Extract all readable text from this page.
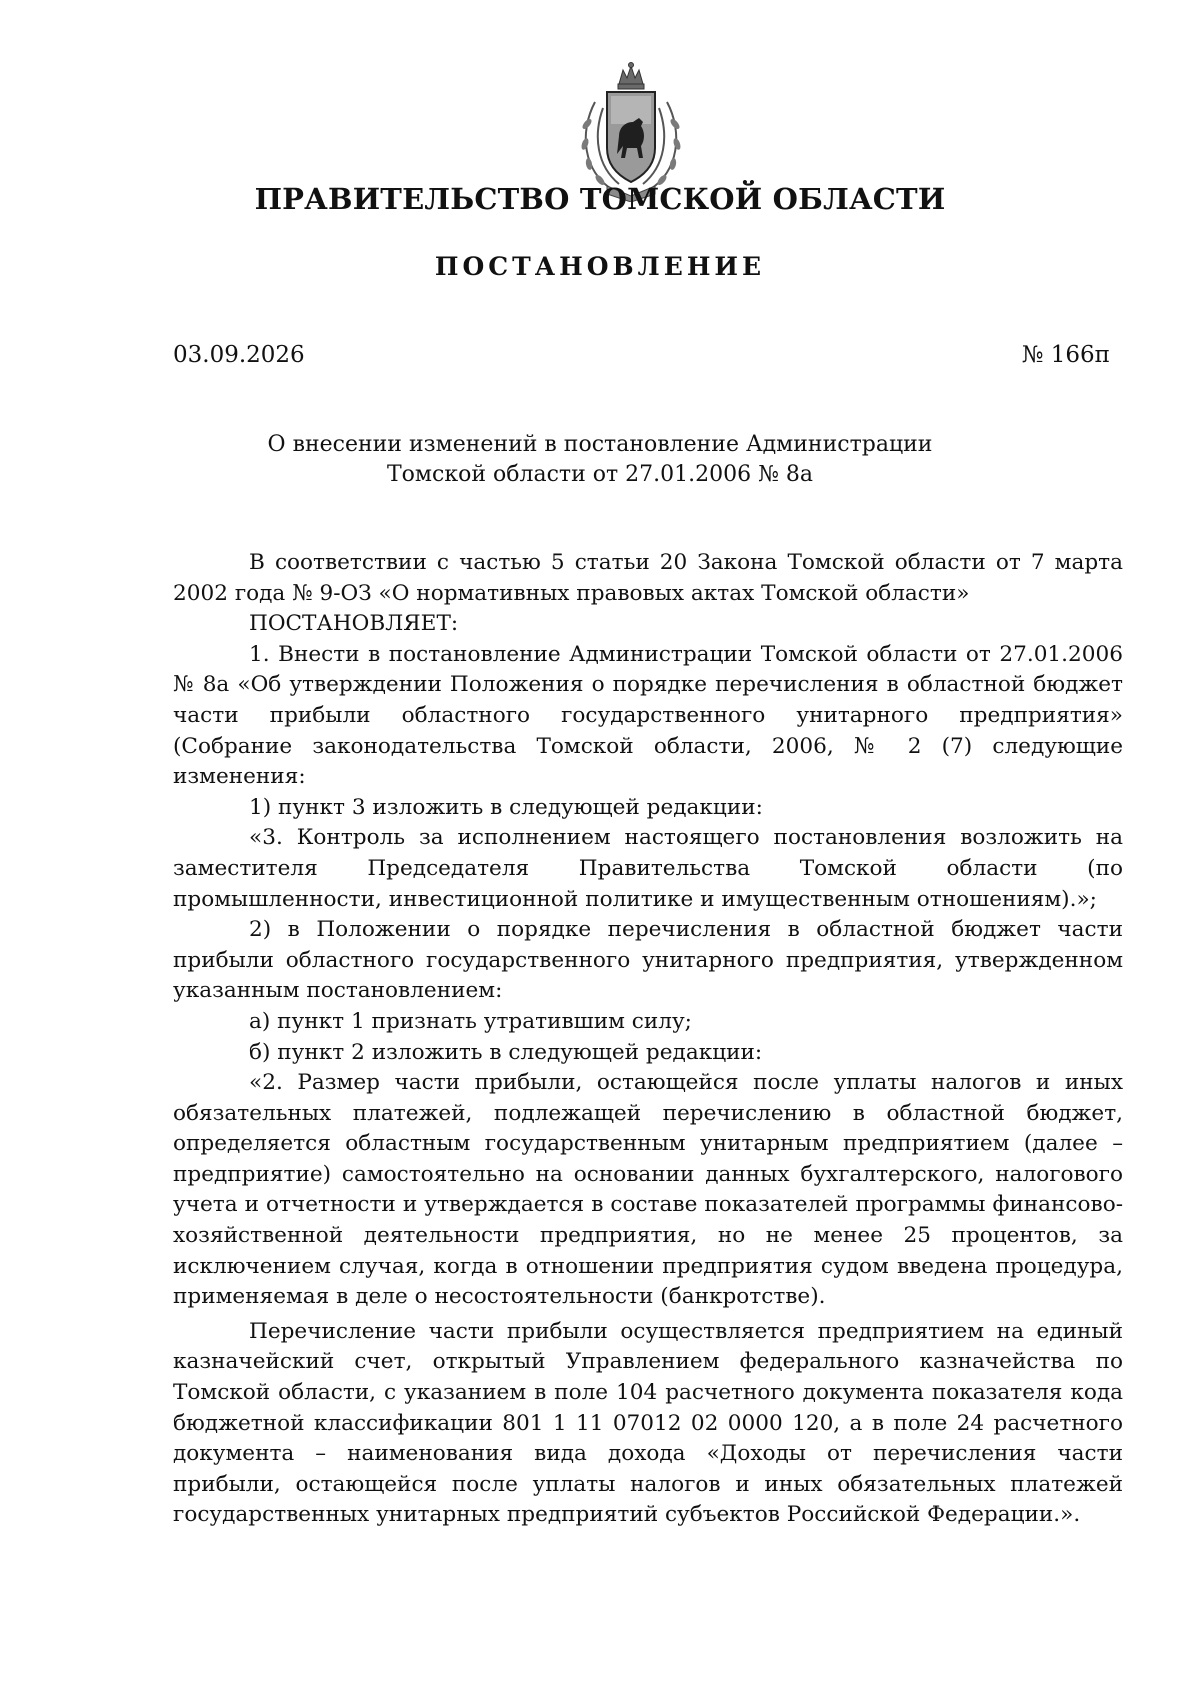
ПРАВИТЕЛЬСТВО ТОМСКОЙ ОБЛАСТИ
ПОСТАНОВЛЕНИЕ
03.09.2026	№ 166п
О внесении изменений в постановление Администрации
Томской области от 27.01.2006 № 8а

В соответствии с частью 5 статьи 20 Закона Томской области от 7 марта 2002 года № 9-ОЗ «О нормативных правовых актах Томской области»

ПОСТАНОВЛЯЕТ:

1. Внести в постановление Администрации Томской области от 27.01.2006 № 8а «Об утверждении Положения о порядке перечисления в областной бюджет части прибыли областного государственного унитарного предприятия» (Собрание законодательства Томской области, 2006, № 2 (7) следующие изменения:

1) пункт 3 изложить в следующей редакции:

«3. Контроль за исполнением настоящего постановления возложить на заместителя Председателя Правительства Томской области (по промышленности, инвестиционной политике и имущественным отношениям).»;

2) в Положении о порядке перечисления в областной бюджет части прибыли областного государственного унитарного предприятия, утвержденном указанным постановлением:

а) пункт 1 признать утратившим силу;

б) пункт 2 изложить в следующей редакции:

«2. Размер части прибыли, остающейся после уплаты налогов и иных обязательных платежей, подлежащей перечислению в областной бюджет, определяется областным государственным унитарным предприятием (далее – предприятие) самостоятельно на основании данных бухгалтерского, налогового учета и отчетности и утверждается в составе показателей программы финансово-хозяйственной деятельности предприятия, но не менее 25 процентов, за исключением случая, когда в отношении предприятия судом введена процедура, применяемая в деле о несостоятельности (банкротстве).

Перечисление части прибыли осуществляется предприятием на единый казначейский счет, открытый Управлением федерального казначейства по Томской области, с указанием в поле 104 расчетного документа показателя кода бюджетной классификации 801 1 11 07012 02 0000 120, а в поле 24 расчетного документа – наименования вида дохода «Доходы от перечисления части прибыли, остающейся после уплаты налогов и иных обязательных платежей государственных унитарных предприятий субъектов Российской Федерации.».
